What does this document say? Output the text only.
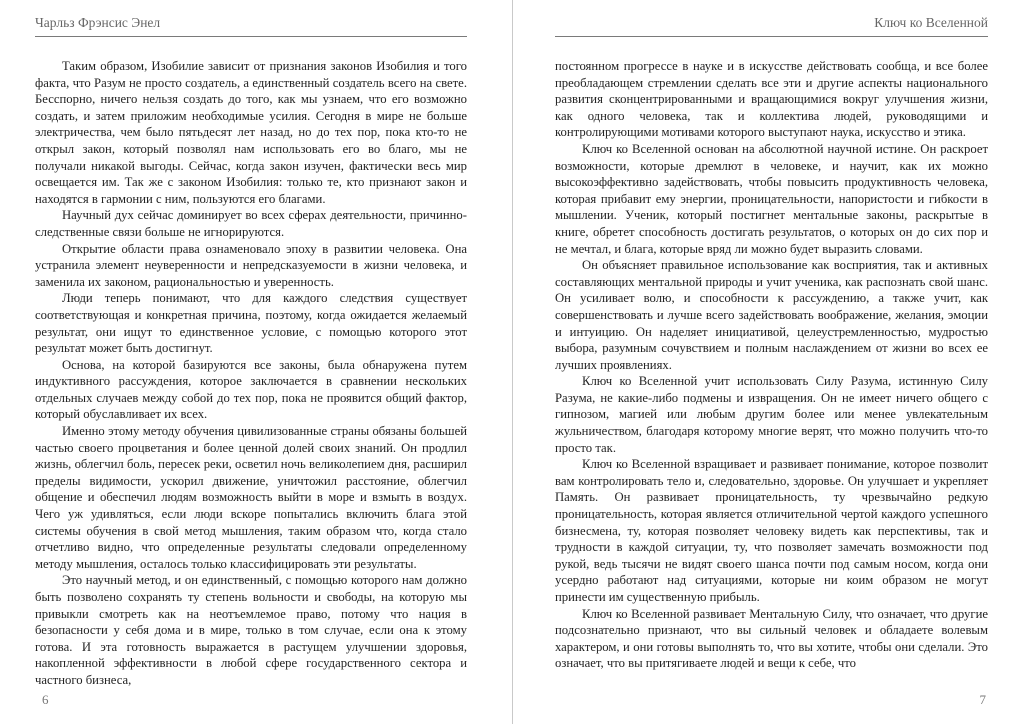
Чарльз Фрэнсис Энел

Таким образом, Изобилие зависит от признания законов Изобилия и того факта, что Разум не просто создатель, а единственный создатель всего на свете. Бесспорно, ничего нельзя создать до того, как мы узнаем, что его возможно создать, и затем приложим необходимые усилия. Сегодня в мире не больше электричества, чем было пятьдесят лет назад, но до тех пор, пока кто-то не открыл закон, который позволял нам использовать его во благо, мы не получали никакой выгоды. Сейчас, когда закон изучен, фактически весь мир освещается им. Так же с законом Изобилия: только те, кто признают закон и находятся в гармонии с ним, пользуются его благами.

Научный дух сейчас доминирует во всех сферах деятельности, причинно-следственные связи больше не игнорируются.

Открытие области права ознаменовало эпоху в развитии человека. Она устранила элемент неуверенности и непредсказуемости в жизни человека, и заменила их законом, рациональностью и уверенность.

Люди теперь понимают, что для каждого следствия существует соответствующая и конкретная причина, поэтому, когда ожидается желаемый результат, они ищут то единственное условие, с помощью которого этот результат может быть достигнут.

Основа, на которой базируются все законы, была обнаружена путем индуктивного рассуждения, которое заключается в сравнении нескольких отдельных случаев между собой до тех пор, пока не проявится общий фактор, который обуславливает их всех.

Именно этому методу обучения цивилизованные страны обязаны большей частью своего процветания и более ценной долей своих знаний. Он продлил жизнь, облегчил боль, пересек реки, осветил ночь великолепием дня, расширил пределы видимости, ускорил движение, уничтожил расстояние, облегчил общение и обеспечил людям возможность выйти в море и взмыть в воздух. Чего уж удивляться, если люди вскоре попытались включить блага этой системы обучения в свой метод мышления, таким образом что, когда стало отчетливо видно, что определенные результаты следовали определенному методу мышления, осталось только классифицировать эти результаты.

Это научный метод, и он единственный, с помощью которого нам должно быть позволено сохранять ту степень вольности и свободы, на которую мы привыкли смотреть как на неотъемлемое право, потому что нация в безопасности у себя дома и в мире, только в том случае, если она к этому готова. И эта готовность выражается в растущем улучшении здоровья, накопленной эффективности в любой сфере государственного сектора и частного бизнеса,

6
Ключ ко Вселенной

постоянном прогрессе в науке и в искусстве действовать сообща, и все более преобладающем стремлении сделать все эти и другие аспекты национального развития сконцентрированными и вращающимися вокруг улучшения жизни, как одного человека, так и коллектива людей, руководящими и контролирующими мотивами которого выступают наука, искусство и этика.

Ключ ко Вселенной основан на абсолютной научной истине. Он раскроет возможности, которые дремлют в человеке, и научит, как их можно высокоэффективно задействовать, чтобы повысить продуктивность человека, которая прибавит ему энергии, проницательности, напористости и гибкости в мышлении. Ученик, который постигнет ментальные законы, раскрытые в книге, обретет способность достигать результатов, о которых он до сих пор и не мечтал, и блага, которые вряд ли можно будет выразить словами.

Он объясняет правильное использование как восприятия, так и активных составляющих ментальной природы и учит ученика, как распознать свой шанс. Он усиливает волю, и способности к рассуждению, а также учит, как совершенствовать и лучше всего задействовать воображение, желания, эмоции и интуицию. Он наделяет инициативой, целеустремленностью, мудростью выбора, разумным сочувствием и полным наслаждением от жизни во всех ее лучших проявлениях.

Ключ ко Вселенной учит использовать Силу Разума, истинную Силу Разума, не какие-либо подмены и извращения. Он не имеет ничего общего с гипнозом, магией или любым другим более или менее увлекательным жульничеством, благодаря которому многие верят, что можно получить что-то просто так.

Ключ ко Вселенной взращивает и развивает понимание, которое позволит вам контролировать тело и, следовательно, здоровье. Он улучшает и укрепляет Память. Он развивает проницательность, ту чрезвычайно редкую проницательность, которая является отличительной чертой каждого успешного бизнесмена, ту, которая позволяет человеку видеть как перспективы, так и трудности в каждой ситуации, ту, что позволяет замечать возможности под рукой, ведь тысячи не видят своего шанса почти под самым носом, когда они усердно работают над ситуациями, которые ни коим образом не могут принести им существенную прибыль.

Ключ ко Вселенной развивает Ментальную Силу, что означает, что другие подсознательно признают, что вы сильный человек и обладаете волевым характером, и они готовы выполнять то, что вы хотите, чтобы они сделали. Это означает, что вы притягиваете людей и вещи к себе, что

7
